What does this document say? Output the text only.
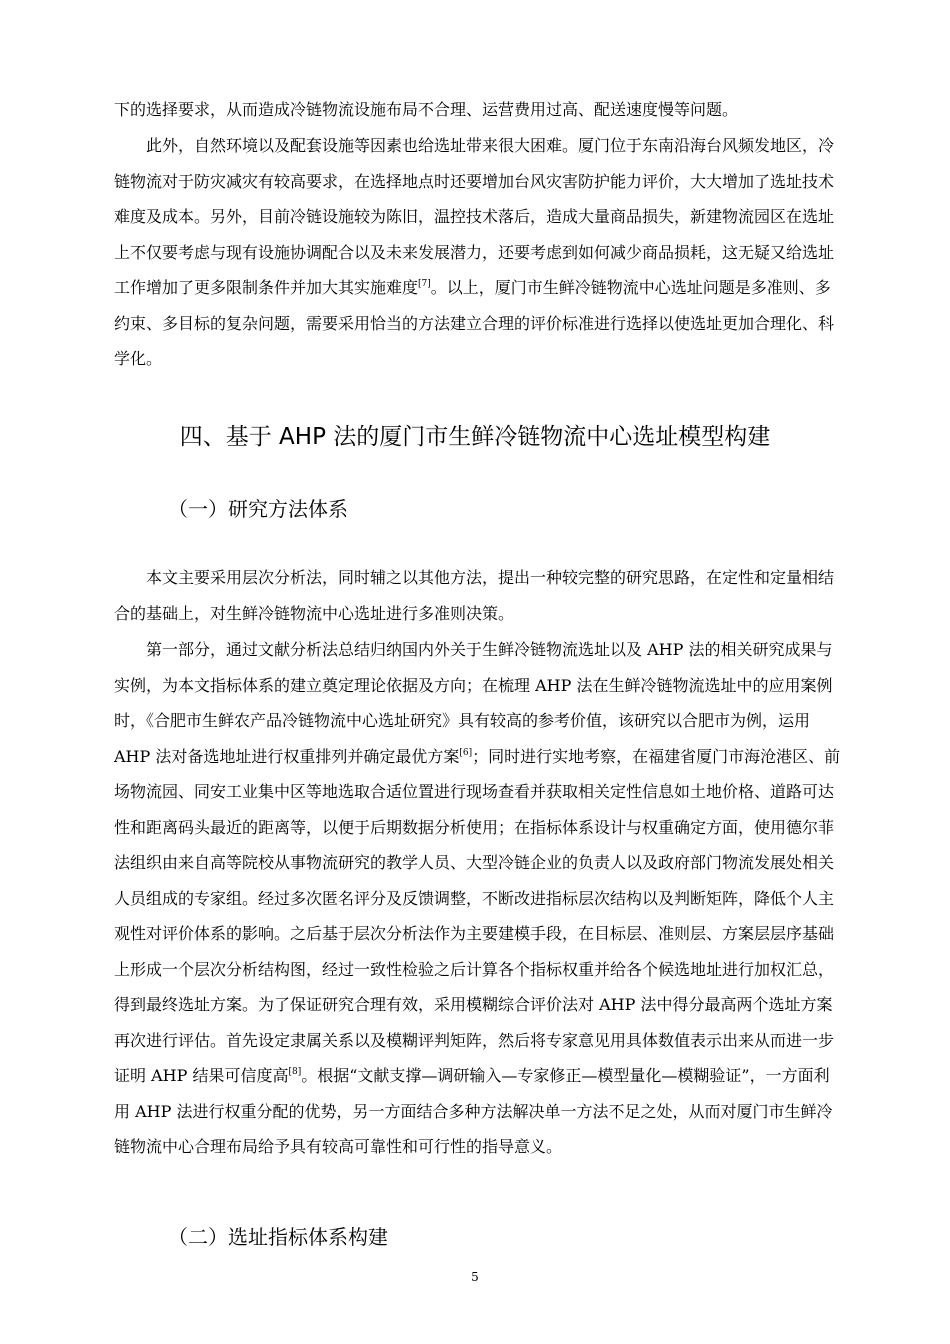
下的选择要求，从而造成冷链物流设施布局不合理、运营费用过高、配送速度慢等问题。
此外，自然环境以及配套设施等因素也给选址带来很大困难。厦门位于东南沿海台风频发地区，冷
链物流对于防灾减灾有较高要求，在选择地点时还要增加台风灾害防护能力评价，大大增加了选址技术
难度及成本。另外，目前冷链设施较为陈旧，温控技术落后，造成大量商品损失，新建物流园区在选址
上不仅要考虑与现有设施协调配合以及未来发展潜力，还要考虑到如何减少商品损耗，这无疑又给选址
工作增加了更多限制条件并加大其实施难度[7]。以上，厦门市生鲜冷链物流中心选址问题是多准则、多
约束、多目标的复杂问题，需要采用恰当的方法建立合理的评价标准进行选择以使选址更加合理化、科
学化。
四、基于 AHP 法的厦门市生鲜冷链物流中心选址模型构建
（一）研究方法体系
本文主要采用层次分析法，同时辅之以其他方法，提出一种较完整的研究思路，在定性和定量相结
合的基础上，对生鲜冷链物流中心选址进行多准则决策。
第一部分，通过文献分析法总结归纳国内外关于生鲜冷链物流选址以及 AHP 法的相关研究成果与
实例，为本文指标体系的建立奠定理论依据及方向；在梳理 AHP 法在生鲜冷链物流选址中的应用案例
时，《合肥市生鲜农产品冷链物流中心选址研究》具有较高的参考价值，该研究以合肥市为例，运用
AHP 法对备选地址进行权重排列并确定最优方案[6]；同时进行实地考察，在福建省厦门市海沧港区、前
场物流园、同安工业集中区等地选取合适位置进行现场查看并获取相关定性信息如土地价格、道路可达
性和距离码头最近的距离等，以便于后期数据分析使用；在指标体系设计与权重确定方面，使用德尔菲
法组织由来自高等院校从事物流研究的教学人员、大型冷链企业的负责人以及政府部门物流发展处相关
人员组成的专家组。经过多次匿名评分及反馈调整，不断改进指标层次结构以及判断矩阵，降低个人主
观性对评价体系的影响。之后基于层次分析法作为主要建模手段，在目标层、准则层、方案层层序基础
上形成一个层次分析结构图，经过一致性检验之后计算各个指标权重并给各个候选地址进行加权汇总，
得到最终选址方案。为了保证研究合理有效，采用模糊综合评价法对 AHP 法中得分最高两个选址方案
再次进行评估。首先设定隶属关系以及模糊评判矩阵，然后将专家意见用具体数值表示出来从而进一步
证明 AHP 结果可信度高[8]。根据“文献支撑—调研输入—专家修正—模型量化—模糊验证”，一方面利
用 AHP 法进行权重分配的优势，另一方面结合多种方法解决单一方法不足之处，从而对厦门市生鲜冷
链物流中心合理布局给予具有较高可靠性和可行性的指导意义。
（二）选址指标体系构建
5
